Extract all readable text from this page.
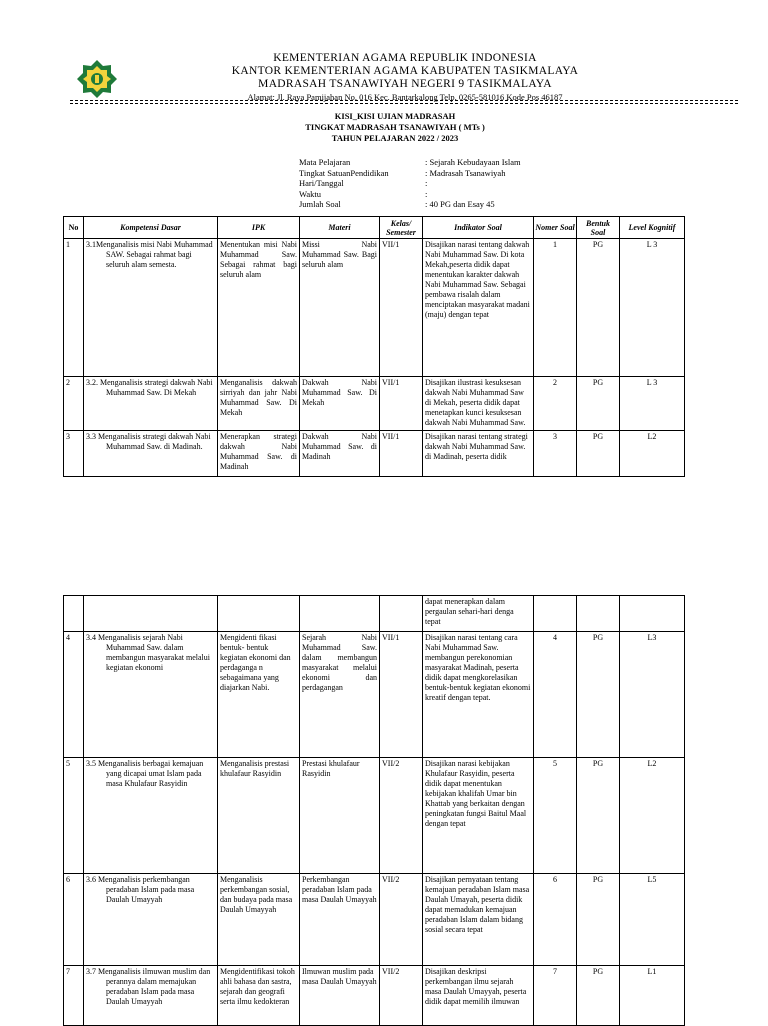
KEMENTERIAN AGAMA REPUBLIK INDONESIA
KANTOR KEMENTERIAN AGAMA KABUPATEN TASIKMALAYA
MADRASAH TSANAWIYAH NEGERI 9 TASIKMALAYA
Alamat: Jl. Raya Pamijahan No. 016 Kec. Bantarkalong Telp. 0265-581016 Kode Pos 46187
KISI_KISI UJIAN MADRASAH
TINGKAT MADRASAH TSANAWIYAH ( MTs )
TAHUN PELAJARAN 2022 / 2023
Mata Pelajaran	: Sejarah Kebudayaan Islam
Tingkat SatuanPendidikan	: Madrasah Tsanawiyah
Hari/Tanggal	:
Waktu	:
Jumlah Soal	: 40 PG dan Esay 45
No	Kompetensi Dasar	IPK	Materi	Kelas/ Semester	Indikator Soal	Nomer Soal	Bentuk Soal	Level Kognitif
1	3.1Menganalisis misi Nabi Muhammad SAW. Sebagai rahmat bagi seluruh alam semesta.	Menentukan misi Nabi Muhammad Saw. Sebagai rahmat bagi seluruh alam	Missi Nabi Muhammad Saw. Bagi seluruh alam	VII/1	Disajikan narasi tentang dakwah Nabi Muhammad Saw. Di kota Mekah,peserta didik dapat menentukan karakter dakwah Nabi Muhammad Saw. Sebagai pembawa risalah dalam menciptakan masyarakat madani (maju) dengan tepat	1	PG	L 3
2	3.2. Menganalisis strategi dakwah Nabi Muhammad Saw. Di Mekah	Menganalisis dakwah sirriyah dan jahr Nabi Muhammad Saw. Di Mekah	Dakwah Nabi Muhammad Saw. Di Mekah	VII/1	Disajikan ilustrasi kesuksesan dakwah Nabi Muhammad Saw di Mekah, peserta didik dapat menetapkan kunci kesuksesan dakwah Nabi Muhammad Saw.	2	PG	L 3
3	3.3 Menganalisis strategi dakwah Nabi Muhammad Saw. di Madinah.	Menerapkan strategi dakwah Nabi Muhammad Saw. di Madinah	Dakwah Nabi Muhammad Saw. di Madinah	VII/1	Disajikan narasi tentang strategi dakwah Nabi Muhammad Saw. di Madinah, peserta didik	3	PG	L2
					dapat menerapkan dalam pergaulan sehari-hari denga tepat			
4	3.4 Menganalisis sejarah Nabi Muhammad Saw. dalam membangun masyarakat melalui kegiatan ekonomi	Mengidenti fikasi bentuk- bentuk kegiatan ekonomi dan perdaganga n sebagaimana yang diajarkan Nabi.	Sejarah Nabi Muhammad Saw. dalam membangun masyarakat melalui ekonomi dan perdagangan	VII/1	Disajikan narasi tentang cara Nabi Muhammad Saw. membangun perekonomian masyarakat Madinah, peserta didik dapat mengkorelasikan bentuk-bentuk kegiatan ekonomi kreatif dengan tepat.	4	PG	L3
5	3.5 Menganalisis berbagai kemajuan yang dicapai umat Islam pada masa Khulafaur Rasyidin	Menganalisis prestasi khulafaur Rasyidin	Prestasi khulafaur Rasyidin	VII/2	Disajikan narasi kebijakan Khulafaur Rasyidin, peserta didik dapat menentukan kebijakan khalifah Umar bin Khattab yang berkaitan dengan peningkatan fungsi Baitul Maal dengan tepat	5	PG	L2
6	3.6 Menganalisis perkembangan peradaban Islam pada masa Daulah Umayyah	Menganalisis perkembangan sosial, dan budaya pada masa Daulah Umayyah	Perkembangan peradaban Islam pada masa Daulah Umayyah	VII/2	Disajikan pernyataan tentang kemajuan peradaban Islam masa Daulah Umayah, peserta didik dapat memadukan kemajuan peradaban Islam dalam bidang sosial secara tepat	6	PG	L5
7	3.7 Menganalisis ilmuwan muslim dan perannya dalam memajukan peradaban Islam pada masa Daulah Umayyah	Mengidentifikasi tokoh ahli bahasa dan sastra, sejarah dan geografi serta ilmu kedokteran	Ilmuwan muslim pada masa Daulah Umayyah	VII/2	Disajikan deskripsi perkembangan ilmu sejarah masa Daulah Umayyah, peserta didik dapat memilih ilmuwan	7	PG	L1
